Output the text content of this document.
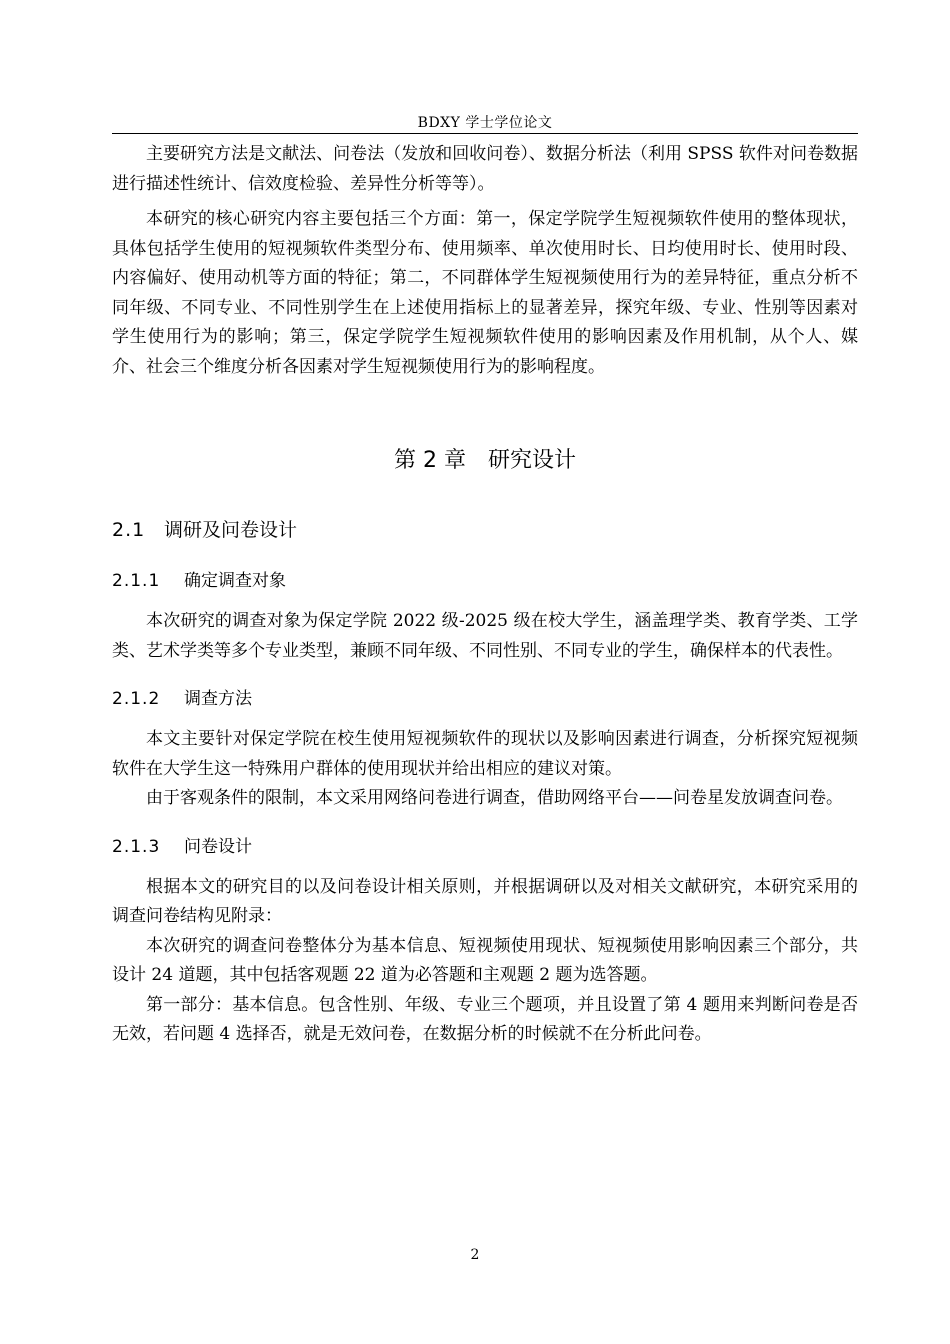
BDXY 学士学位论文

主要研究方法是文献法、问卷法（发放和回收问卷）、数据分析法（利用 SPSS 软件对问卷数据进行描述性统计、信效度检验、差异性分析等等）。

本研究的核心研究内容主要包括三个方面：第一，保定学院学生短视频软件使用的整体现状，具体包括学生使用的短视频软件类型分布、使用频率、单次使用时长、日均使用时长、使用时段、内容偏好、使用动机等方面的特征；第二，不同群体学生短视频使用行为的差异特征，重点分析不同年级、不同专业、不同性别学生在上述使用指标上的显著差异，探究年级、专业、性别等因素对学生使用行为的影响；第三，保定学院学生短视频软件使用的影响因素及作用机制，从个人、媒介、社会三个维度分析各因素对学生短视频使用行为的影响程度。

第 2 章　研究设计
2.1 调研及问卷设计
2.1.1 确定调查对象

本次研究的调查对象为保定学院 2022 级-2025 级在校大学生，涵盖理学类、教育学类、工学类、艺术学类等多个专业类型，兼顾不同年级、不同性别、不同专业的学生，确保样本的代表性。

2.1.2 调查方法

本文主要针对保定学院在校生使用短视频软件的现状以及影响因素进行调查，分析探究短视频软件在大学生这一特殊用户群体的使用现状并给出相应的建议对策。

由于客观条件的限制，本文采用网络问卷进行调查，借助网络平台——问卷星发放调查问卷。

2.1.3 问卷设计

根据本文的研究目的以及问卷设计相关原则，并根据调研以及对相关文献研究，本研究采用的调查问卷结构见附录：

本次研究的调查问卷整体分为基本信息、短视频使用现状、短视频使用影响因素三个部分，共设计 24 道题，其中包括客观题 22 道为必答题和主观题 2 题为选答题。

第一部分：基本信息。包含性别、年级、专业三个题项，并且设置了第 4 题用来判断问卷是否无效，若问题 4 选择否，就是无效问卷，在数据分析的时候就不在分析此问卷。

2
